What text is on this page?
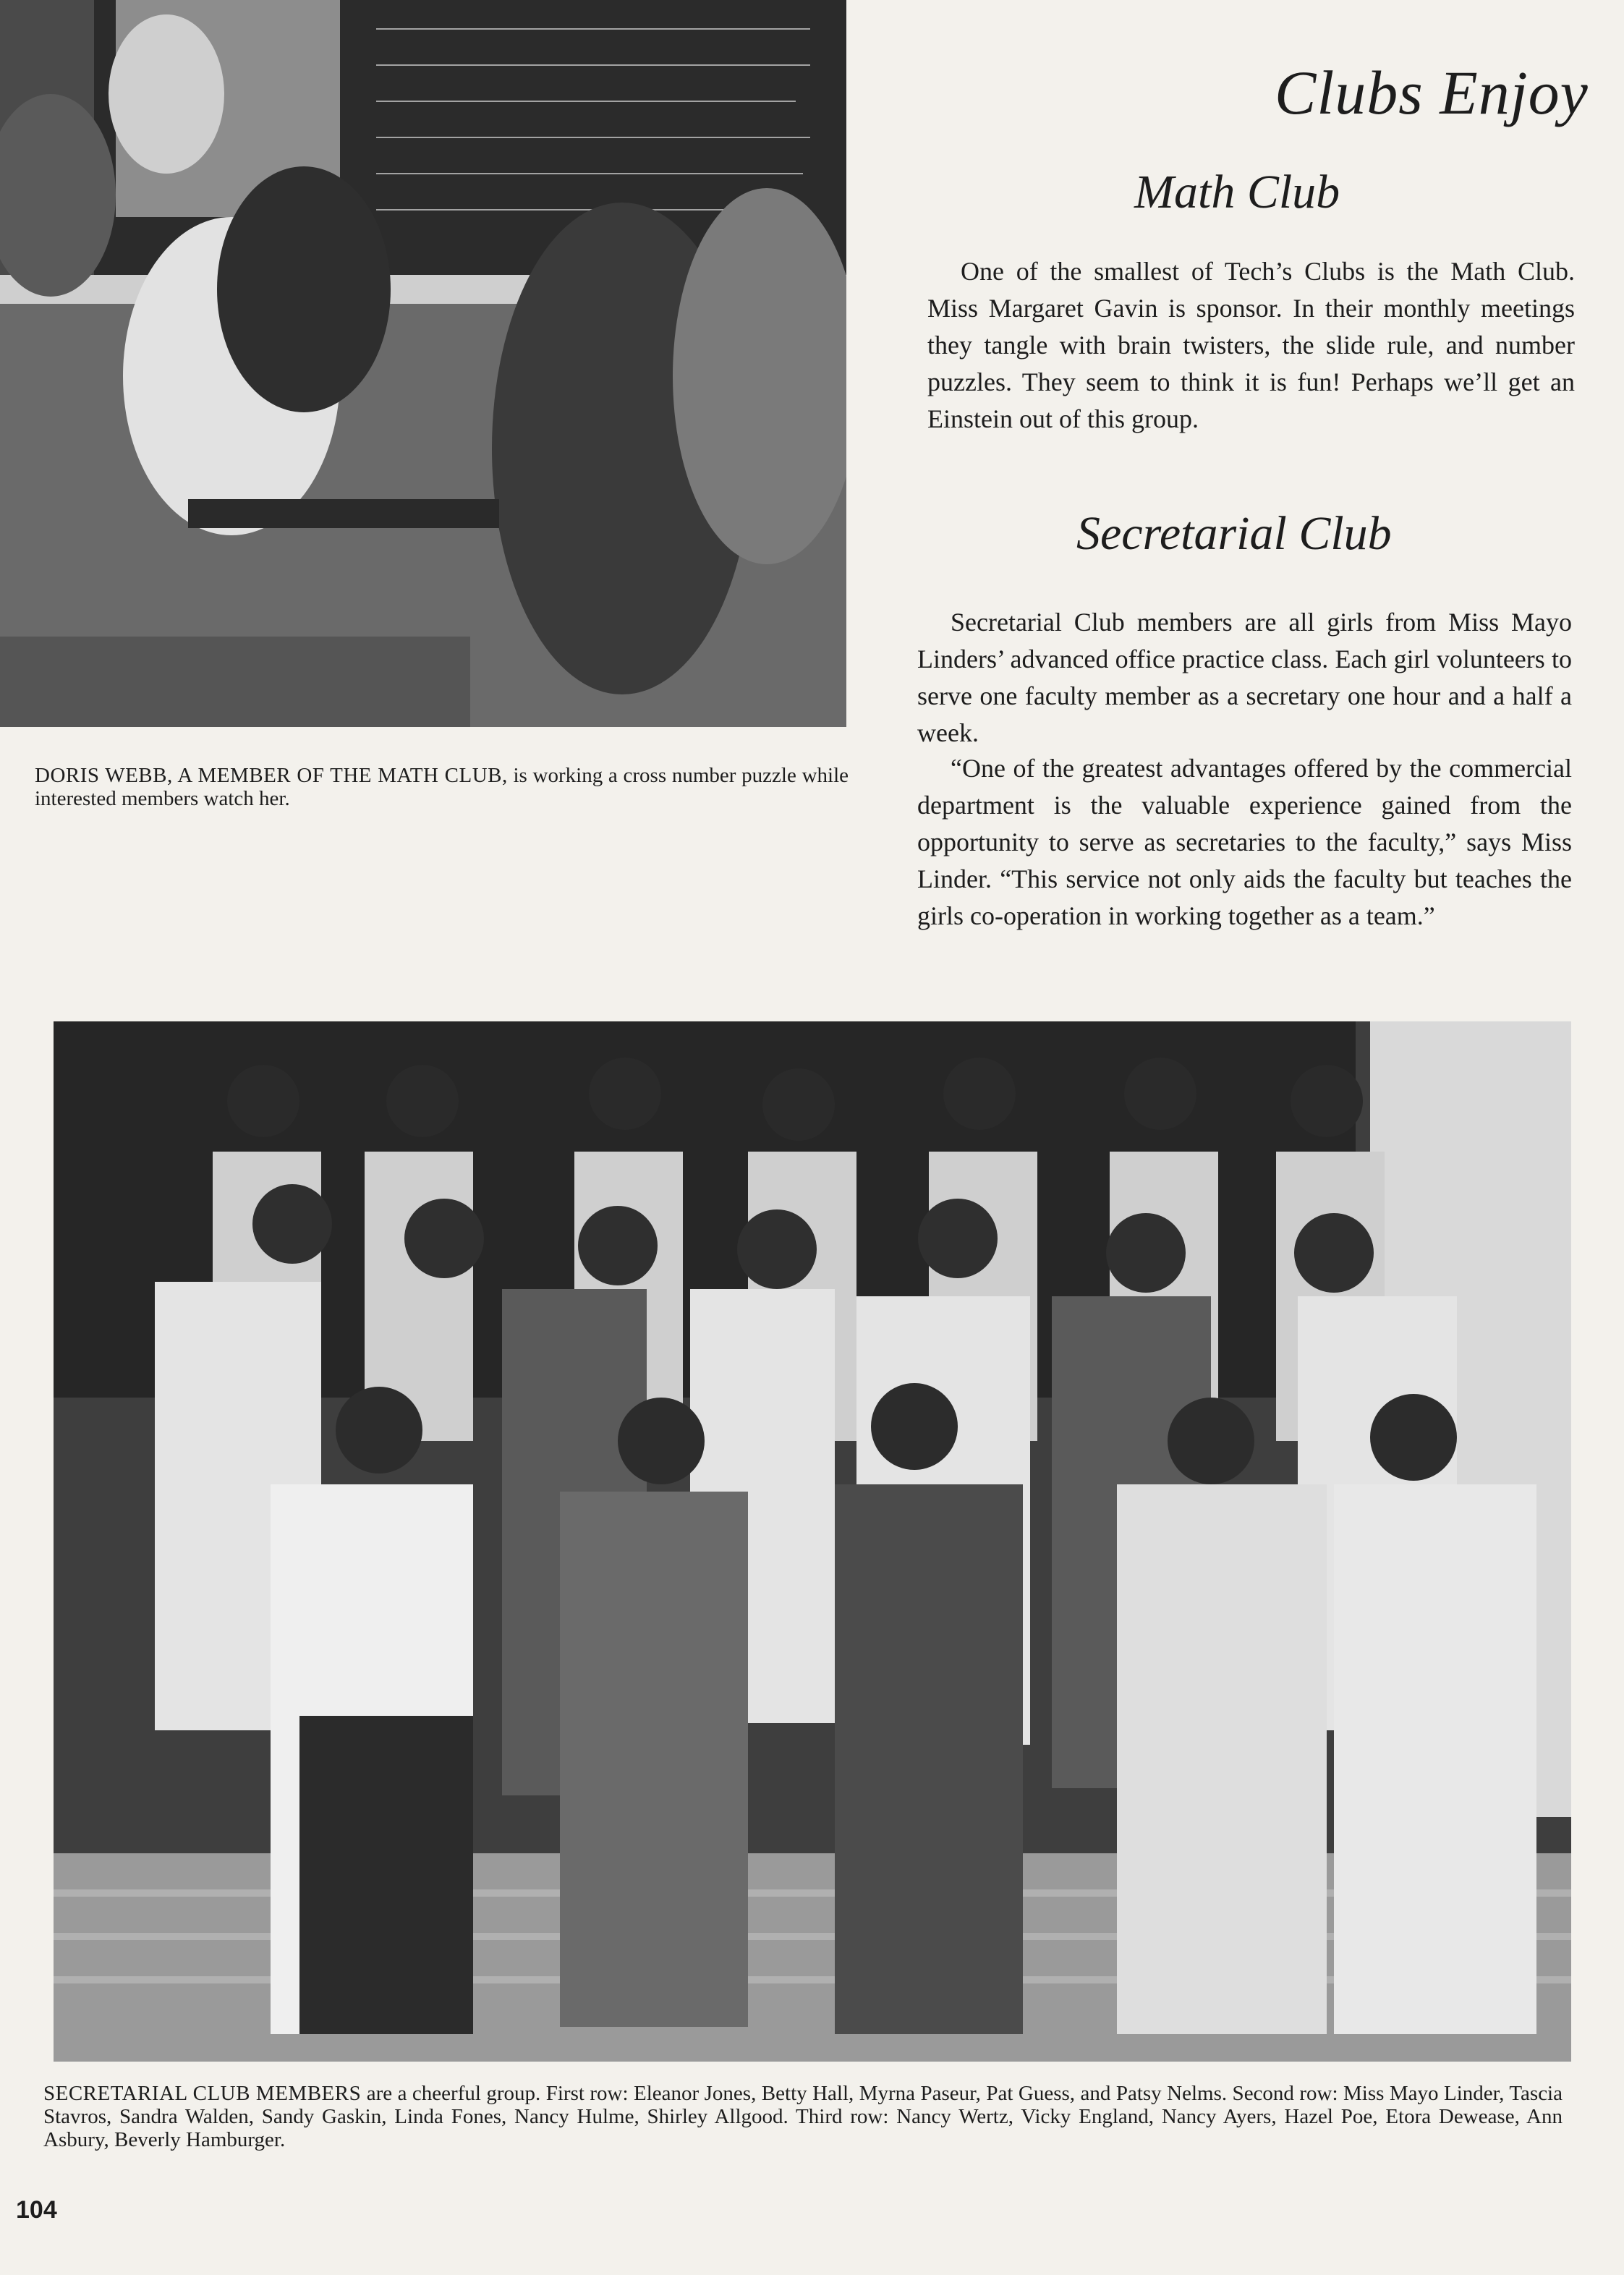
Clubs Enjoy
Math Club

One of the smallest of Tech’s Clubs is the Math Club. Miss Margaret Gavin is sponsor. In their monthly meetings they tangle with brain twisters, the slide rule, and number puzzles. They seem to think it is fun! Perhaps we’ll get an Einstein out of this group.

Secretarial Club

Secretarial Club members are all girls from Miss Mayo Linders’ advanced office practice class. Each girl volunteers to serve one faculty member as a secretary one hour and a half a week.

“One of the greatest advantages offered by the commercial department is the valuable experience gained from the opportunity to serve as secretaries to the faculty,” says Miss Linder. “This service not only aids the faculty but teaches the girls co-operation in working together as a team.”

DORIS WEBB, A MEMBER OF THE MATH CLUB, is working a cross number puzzle while interested members watch her.
SECRETARIAL CLUB MEMBERS are a cheerful group. First row: Eleanor Jones, Betty Hall, Myrna Paseur, Pat Guess, and Patsy Nelms. Second row: Miss Mayo Linder, Tascia Stavros, Sandra Walden, Sandy Gaskin, Linda Fones, Nancy Hulme, Shirley Allgood. Third row: Nancy Wertz, Vicky England, Nancy Ayers, Hazel Poe, Etora Dewease, Ann Asbury, Beverly Hamburger.
104
